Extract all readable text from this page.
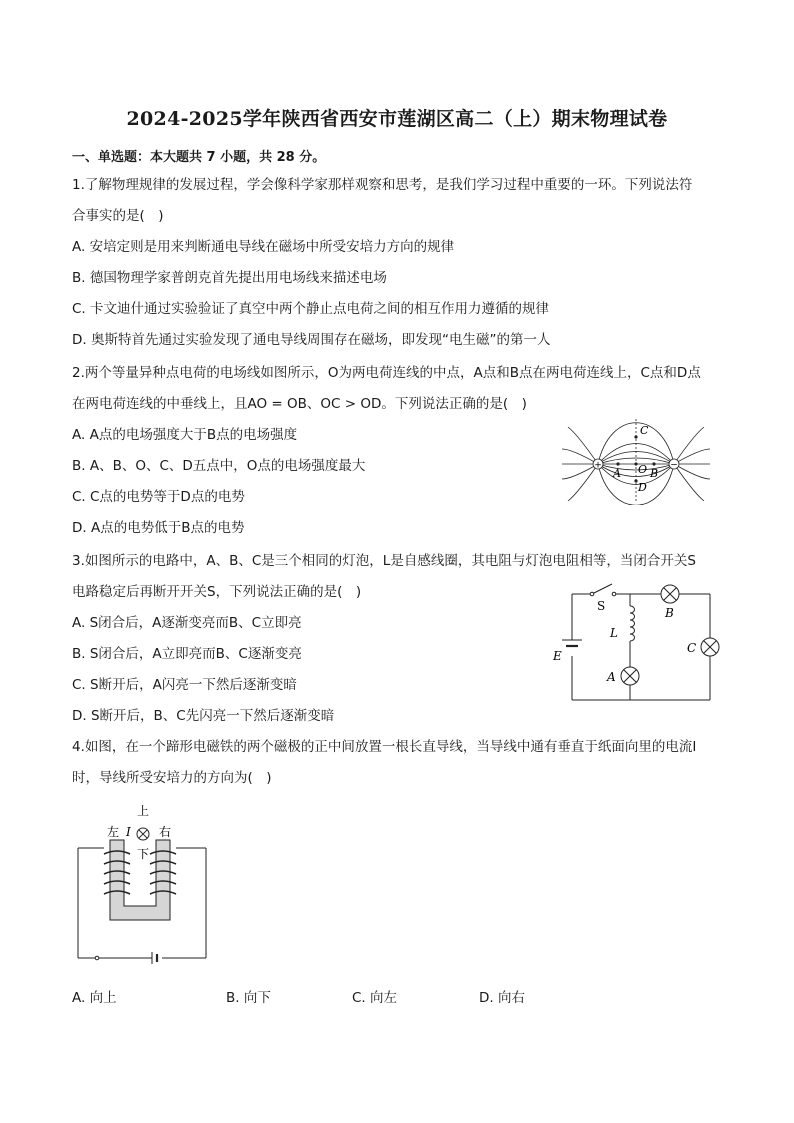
2024-2025学年陕西省西安市莲湖区高二（上）期末物理试卷
一、单选题：本大题共 7 小题，共 28 分。
1.了解物理规律的发展过程，学会像科学家那样观察和思考，是我们学习过程中重要的一环。下列说法符
合事实的是(　)
A. 安培定则是用来判断通电导线在磁场中所受安培力方向的规律
B. 德国物理学家普朗克首先提出用电场线来描述电场
C. 卡文迪什通过实验验证了真空中两个静止点电荷之间的相互作用力遵循的规律
D. 奥斯特首先通过实验发现了通电导线周围存在磁场，即发现“电生磁”的第一人
2.两个等量异种点电荷的电场线如图所示，O为两电荷连线的中点，A点和B点在两电荷连线上，C点和D点
在两电荷连线的中垂线上，且AO = OB、OC > OD。下列说法正确的是(　)
A. A点的电场强度大于B点的电场强度
B. A、B、O、C、D五点中，O点的电场强度最大
C. C点的电势等于D点的电势
D. A点的电势低于B点的电势
+	−
C
O
A	B
D
3.如图所示的电路中，A、B、C是三个相同的灯泡，L是自感线圈，其电阻与灯泡电阻相等，当闭合开关S
电路稳定后再断开开关S，下列说法正确的是(　)
A. S闭合后，A逐渐变亮而B、C立即亮
B. S闭合后，A立即亮而B、C逐渐变亮
C. S断开后，A闪亮一下然后逐渐变暗
D. S断开后，B、C先闪亮一下然后逐渐变暗
S
L
B
C
E
A
4.如图，在一个蹄形电磁铁的两个磁极的正中间放置一根长直导线，当导线中通有垂直于纸面向里的电流I
时，导线所受安培力的方向为(　)
上
左	右
下
I
A. 向上	B. 向下	C. 向左	D. 向右
